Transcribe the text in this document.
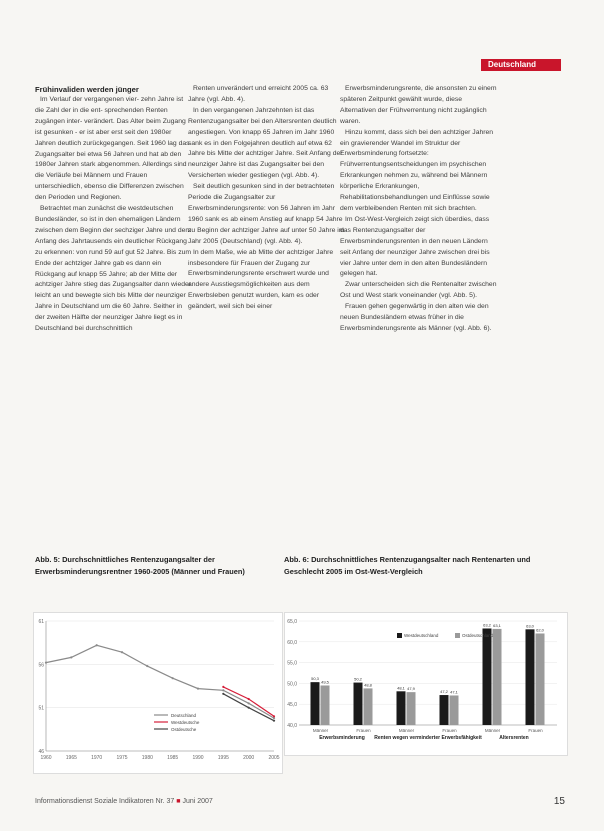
Deutschland
Frühinvaliden werden jünger

Im Verlauf der vergangenen vier- zehn Jahre ist die Zahl der in die ent- sprechenden Renten zugängen inter- verändert. Das Alter beim Zugang ist gesunken - er ist aber erst seit den 1980er Jahren deutlich zurückgegangen. Seit 1960 lag das Zugangsalter bei etwa 56 Jahren und hat ab den 1980er Jahren stark abgenommen. Allerdings sind die Verläufe bei Männern und Frauen unterschiedlich, ebenso die Differenzen zwischen den Perioden und Regionen.

Betrachtet man zunächst die westdeutschen Bundesländer, so ist in den ehemaligen Ländern zwischen dem Beginn der sechziger Jahre und dem Anfang des Jahrtausends ein deutlicher Rückgang zu erkennen: von rund 59 auf gut 52 Jahre. Bis zum Ende der achtziger Jahre gab es dann ein Rückgang auf knapp 55 Jahre; ab der Mitte der achtziger Jahre stieg das Zugangsalter dann wieder leicht an und bewegte sich bis Mitte der neunziger Jahre in Deutschland um die 60 Jahre. Seither in der zweiten Hälfte der neunziger Jahre liegt es in Deutschland bei durchschnittlich

Renten unverändert und erreicht 2005 ca. 63 Jahre (vgl. Abb. 4).

In den vergangenen Jahrzehnten ist das Rentenzugangsalter bei den Altersrenten deutlich angestiegen. Von knapp 65 Jahren im Jahr 1960 sank es in den Folgejahren deutlich auf etwa 62 Jahre bis Mitte der achtziger Jahre. Seit Anfang der neunziger Jahre ist das Zugangsalter bei den Versicherten wieder gestiegen (vgl. Abb. 4).

Seit deutlich gesunken sind in der betrachteten Periode die Zugangsalter zur Erwerbsminderungsrente: von 56 Jahren im Jahr 1960 sank es ab einem Anstieg auf knapp 54 Jahre zu Beginn der achtziger Jahre auf unter 50 Jahre im Jahr 2005 (Deutschland) (vgl. Abb. 4).

In dem Maße, wie ab Mitte der achtziger Jahre insbesondere für Frauen der Zugang zur Erwerbsminderungsrente erschwert wurde und andere Ausstiegsmöglichkeiten aus dem Erwerbsleben genutzt wurden, kam es oder geändert, weil sich bei einer

Erwerbsminderungsrente, die ansonsten zu einem späteren Zeitpunkt gewählt wurde, diese Alternativen der Frühverrentung nicht zugänglich waren.

Hinzu kommt, dass sich bei den achtziger Jahren ein gravierender Wandel im Struktur der Erwerbsminderung fortsetzte: Frühverrentungsentscheidungen im psychischen Erkrankungen nehmen zu, während bei Männern körperliche Erkrankungen, Rehabilitationsbehandlungen und Einflüsse sowie dem verbleibenden Renten mit sich brachten.

Im Ost-West-Vergleich zeigt sich überdies, dass das Rentenzugangsalter der Erwerbsminderungsrenten in den neuen Ländern seit Anfang der neunziger Jahre zwischen drei bis vier Jahre unter dem in den alten Bundesländern gelegen hat.

Zwar unterscheiden sich die Rentenalter zwischen Ost und West stark voneinander (vgl. Abb. 5).

Frauen gehen gegenwärtig in den alten wie den neuen Bundesländern etwas früher in die Erwerbsminderungsrente als Männer (vgl. Abb. 6).

Abb. 5: Durchschnittliches Rentenzugangsalter der Erwerbsminderungsrentner 1960-2005 (Männer und Frauen)
Abb. 6: Durchschnittliches Rentenzugangsalter nach Rentenarten und Geschlecht 2005 im Ost-West-Vergleich
46
51
56
61
1960	1965	1970	1975	1980	1985	1990	1995	2000	2005
Deutschland
Westdeutsche
Ostdeutsche
40,0
45,0
50,0
55,0
60,0
65,0
50,3
49,5
Männer
50,2
48,8
Frauen
48,1 47,9
Männer
47,2 47,1
Frauen
63,2 63,1
Männer
63,0
62,0
Frauen
Erwerbsminderung Renten wegen verminderter Erwerbsfähigkeit	Altersrenten
Westdeutschland	Ostdeutschland
Informationsdienst Soziale Indikatoren Nr. 37 ■ Juni 2007	15
